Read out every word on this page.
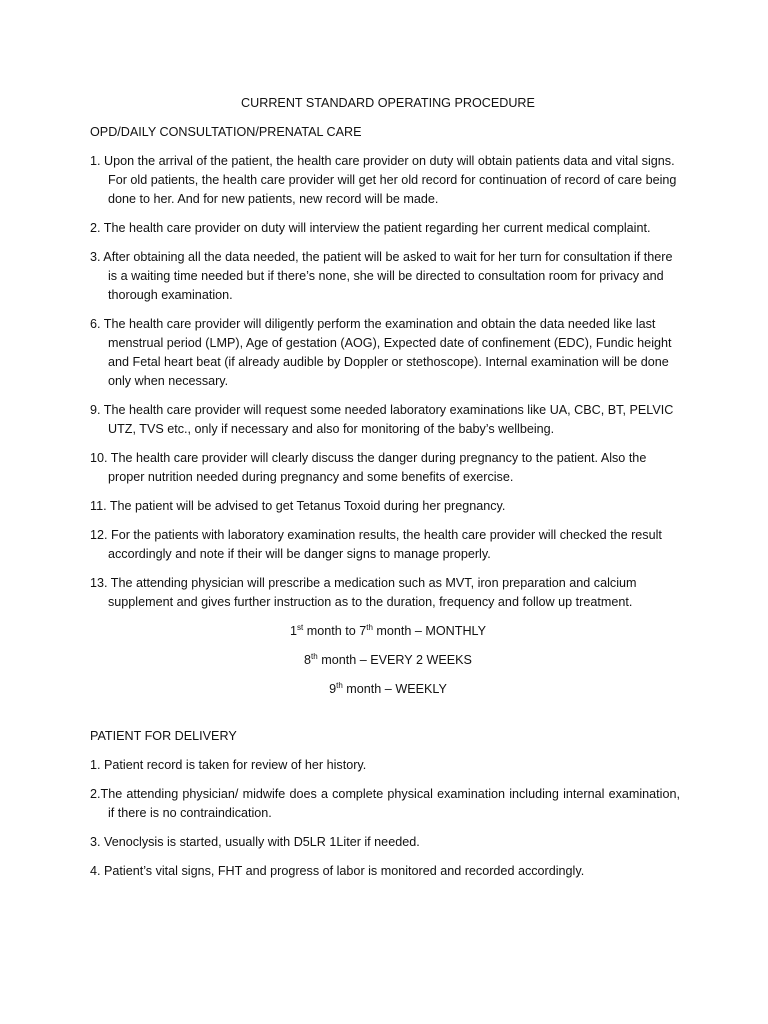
CURRENT STANDARD OPERATING PROCEDURE

OPD/DAILY CONSULTATION/PRENATAL CARE

1. Upon the arrival of the patient, the health care provider on duty will obtain patients data and vital signs. For old patients, the health care provider will get her old record for continuation of record of care being done to her. And for new patients, new record will be made.

2. The health care provider on duty will interview the patient regarding her current medical complaint.

3. After obtaining all the data needed, the patient will be asked to wait for her turn for consultation if there is a waiting time needed but if there’s none, she will be directed to consultation room for privacy and thorough examination.

6. The health care provider will diligently perform the examination and obtain the data needed like last menstrual period (LMP), Age of gestation (AOG), Expected date of confinement (EDC), Fundic height and Fetal heart beat (if already audible by Doppler or stethoscope). Internal examination will be done only when necessary.

9. The health care provider will request some needed laboratory examinations like UA, CBC, BT, PELVIC UTZ, TVS etc., only if necessary and also for monitoring of the baby’s wellbeing.

10. The health care provider will clearly discuss the danger during pregnancy to the patient. Also the proper nutrition needed during pregnancy and some benefits of exercise.

11. The patient will be advised to get Tetanus Toxoid during her pregnancy.

12. For the patients with laboratory examination results, the health care provider will checked the result accordingly and note if their will be danger signs to manage properly.

13. The attending physician will prescribe a medication such as MVT, iron preparation and calcium supplement and gives further instruction as to the duration, frequency and follow up treatment.

1st month to 7th month – MONTHLY

8th month – EVERY 2 WEEKS

9th month – WEEKLY

PATIENT FOR DELIVERY

1. Patient record is taken for review of her history.

2.The attending physician/ midwife does a complete physical examination including internal examination, if there is no contraindication.

3. Venoclysis is started, usually with D5LR 1Liter if needed.

4. Patient’s vital signs, FHT and progress of labor is monitored and recorded accordingly.
